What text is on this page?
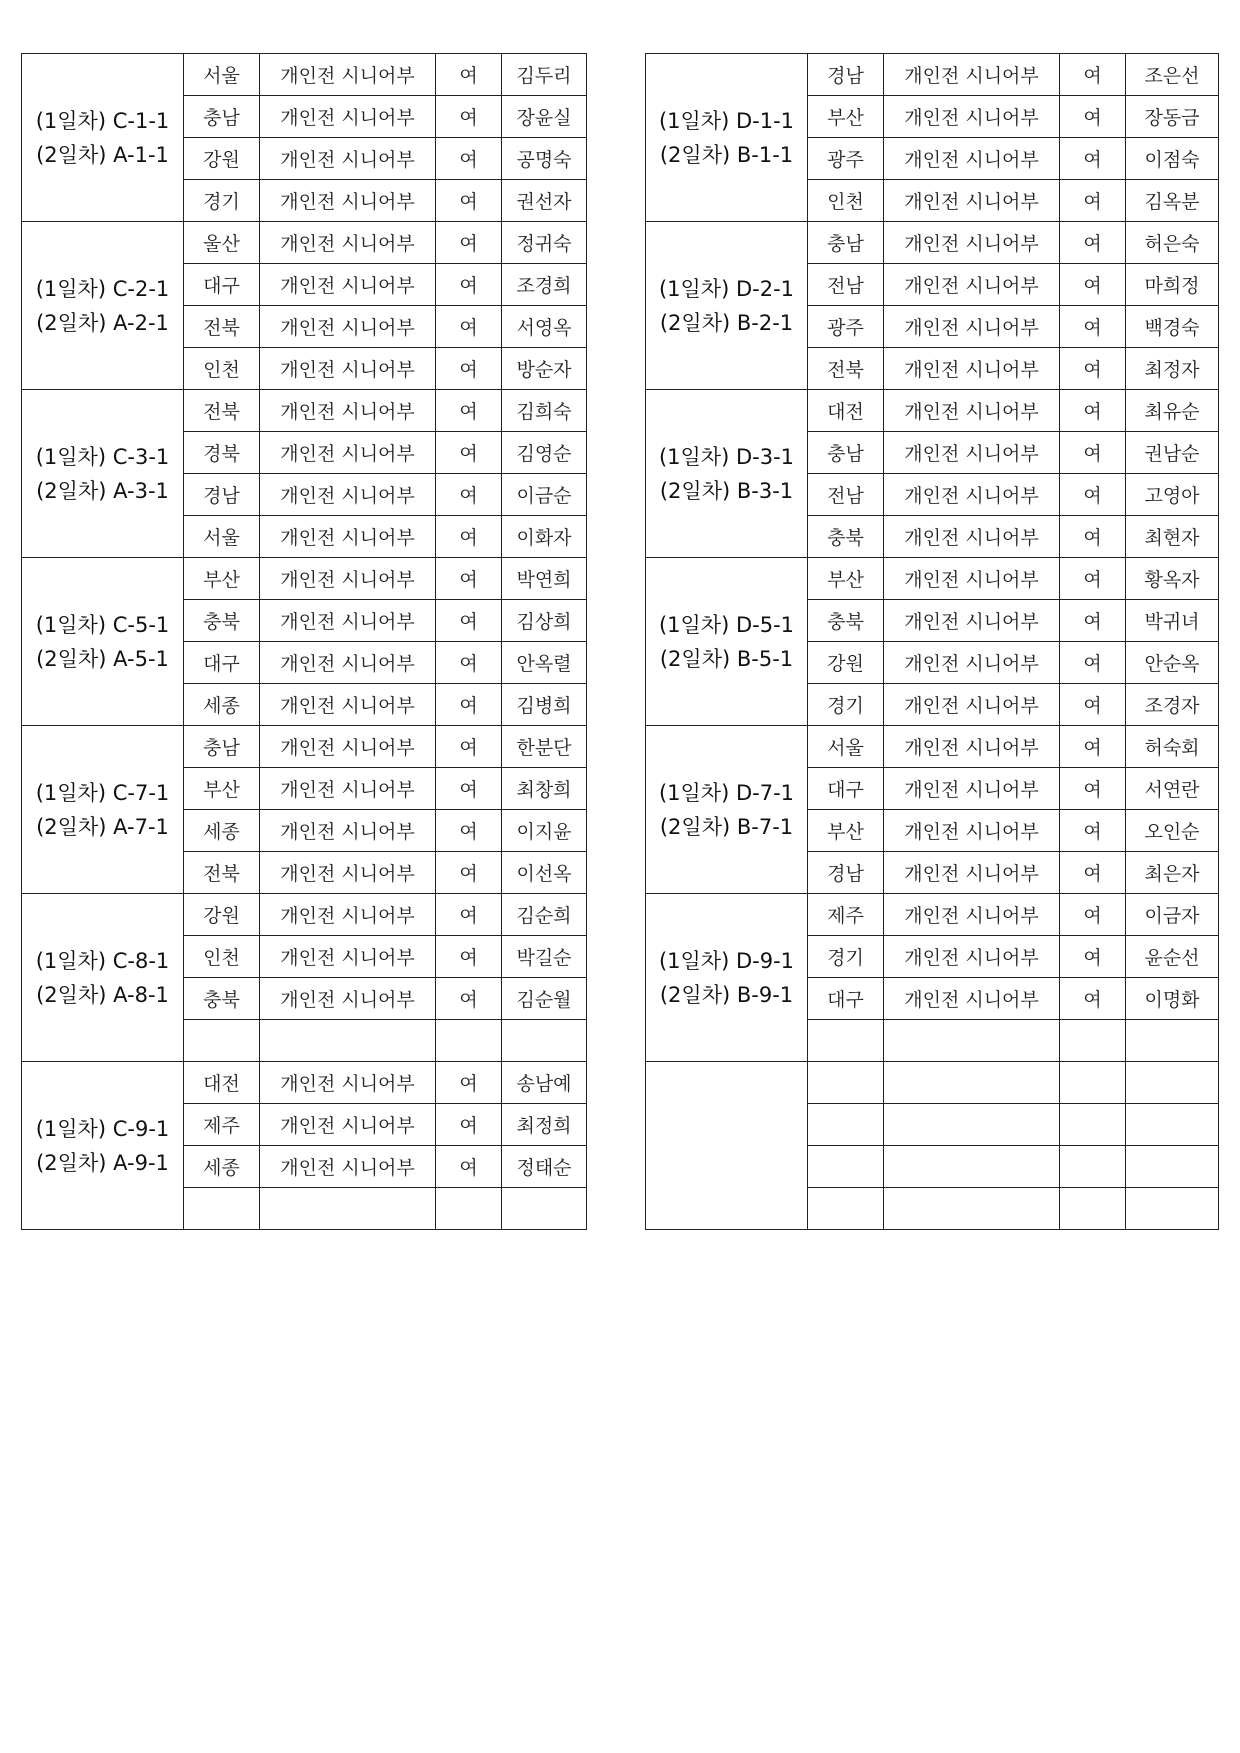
(1일차) C-1-1
(2일차) A-1-1	서울	개인전 시니어부	여	김두리
	충남	개인전 시니어부	여	장윤실
	강원	개인전 시니어부	여	공명숙
	경기	개인전 시니어부	여	권선자

(1일차) C-2-1
(2일차) A-2-1	울산	개인전 시니어부	여	정귀숙
	대구	개인전 시니어부	여	조경희
	전북	개인전 시니어부	여	서영옥
	인천	개인전 시니어부	여	방순자

(1일차) C-3-1
(2일차) A-3-1	전북	개인전 시니어부	여	김희숙
	경북	개인전 시니어부	여	김영순
	경남	개인전 시니어부	여	이금순
	서울	개인전 시니어부	여	이화자

(1일차) C-5-1
(2일차) A-5-1	부산	개인전 시니어부	여	박연희
	충북	개인전 시니어부	여	김상희
	대구	개인전 시니어부	여	안옥렬
	세종	개인전 시니어부	여	김병희

(1일차) C-7-1
(2일차) A-7-1	충남	개인전 시니어부	여	한분단
	부산	개인전 시니어부	여	최창희
	세종	개인전 시니어부	여	이지윤
	전북	개인전 시니어부	여	이선옥

(1일차) C-8-1
(2일차) A-8-1	강원	개인전 시니어부	여	김순희
	인천	개인전 시니어부	여	박길순
	충북	개인전 시니어부	여	김순월

(1일차) C-9-1
(2일차) A-9-1	대전	개인전 시니어부	여	송남예
	제주	개인전 시니어부	여	최정희
	세종	개인전 시니어부	여	정태순

(1일차) D-1-1
(2일차) B-1-1	경남	개인전 시니어부	여	조은선
	부산	개인전 시니어부	여	장동금
	광주	개인전 시니어부	여	이점숙
	인천	개인전 시니어부	여	김옥분

(1일차) D-2-1
(2일차) B-2-1	충남	개인전 시니어부	여	허은숙
	전남	개인전 시니어부	여	마희정
	광주	개인전 시니어부	여	백경숙
	전북	개인전 시니어부	여	최정자

(1일차) D-3-1
(2일차) B-3-1	대전	개인전 시니어부	여	최유순
	충남	개인전 시니어부	여	권남순
	전남	개인전 시니어부	여	고영아
	충북	개인전 시니어부	여	최현자

(1일차) D-5-1
(2일차) B-5-1	부산	개인전 시니어부	여	황옥자
	충북	개인전 시니어부	여	박귀녀
	강원	개인전 시니어부	여	안순옥
	경기	개인전 시니어부	여	조경자

(1일차) D-7-1
(2일차) B-7-1	서울	개인전 시니어부	여	허숙회
	대구	개인전 시니어부	여	서연란
	부산	개인전 시니어부	여	오인순
	경남	개인전 시니어부	여	최은자

(1일차) D-9-1
(2일차) B-9-1	제주	개인전 시니어부	여	이금자
	경기	개인전 시니어부	여	윤순선
	대구	개인전 시니어부	여	이명화
